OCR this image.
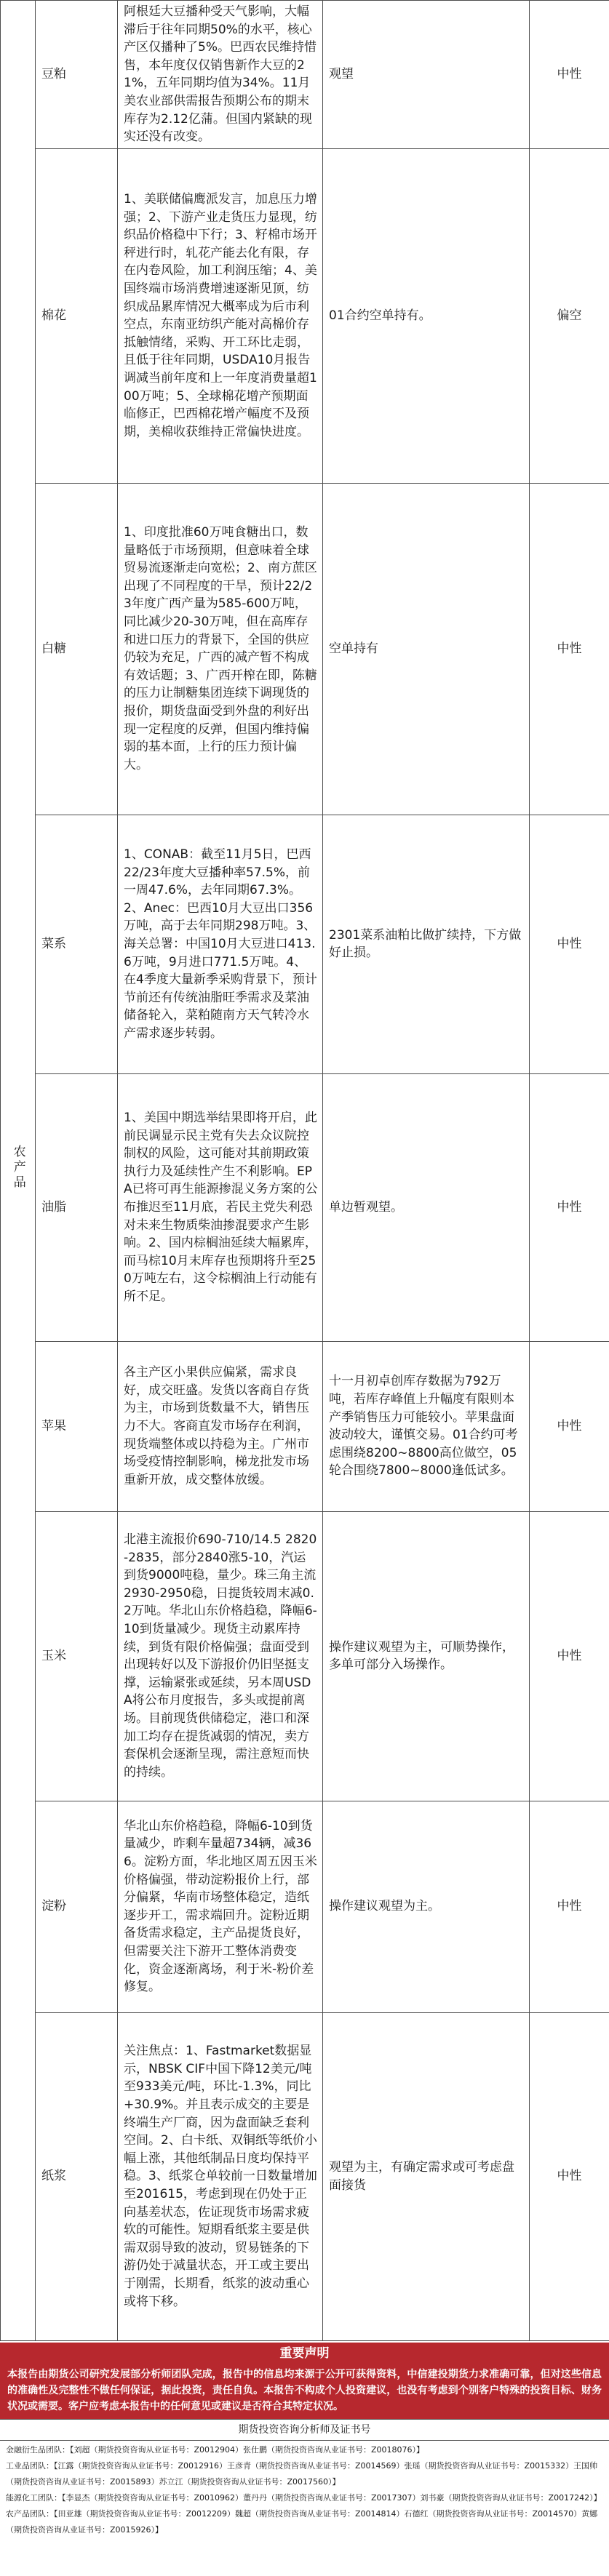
农产品	豆粕	阿根廷大豆播种受天气影响，大幅滞后于往年同期50%的水平，核心产区仅播种了5%。巴西农民维持惜售，本年度仅仅销售新作大豆的21%，五年同期均值为34%。11月美农业部供需报告预期公布的期末库存为2.12亿蒲。但国内紧缺的现实还没有改变。	观望	中性
	棉花	1、美联储偏鹰派发言，加息压力增强；2、下游产业走货压力显现，纺织品价格稳中下行；3、籽棉市场开秤进行时，轧花产能去化有限，存在内卷风险，加工利润压缩；4、美国终端市场消费增速逐渐见顶，纺织成品累库情况大概率成为后市利空点，东南亚纺织产能对高棉价存抵触情绪，采购、开工环比走弱，且低于往年同期，USDA10月报告调减当前年度和上一年度消费量超100万吨；5、全球棉花增产预期面临修正，巴西棉花增产幅度不及预期，美棉收获维持正常偏快进度。	01合约空单持有。	偏空
	白糖	1、印度批准60万吨食糖出口，数量略低于市场预期，但意味着全球贸易流逐渐走向宽松；2、南方蔗区出现了不同程度的干旱，预计22/23年度广西产量为585-600万吨，同比减少20-30万吨，但在高库存和进口压力的背景下，全国的供应仍较为充足，广西的减产暂不构成有效话题；3、广西开榨在即，陈糖的压力让制糖集团连续下调现货的报价，期货盘面受到外盘的利好出现一定程度的反弹，但国内维持偏弱的基本面，上行的压力预计偏大。	空单持有	中性
	菜系	1、CONAB：截至11月5日，巴西22/23年度大豆播种率57.5%，前一周47.6%，去年同期67.3%。2、Anec：巴西10月大豆出口356万吨，高于去年同期298万吨。3、海关总署：中国10月大豆进口413.6万吨，9月进口771.5万吨。4、在4季度大量新季采购背景下，预计节前还有传统油脂旺季需求及菜油储备轮入，菜粕随南方天气转冷水产需求逐步转弱。	2301菜系油粕比做扩续持，下方做好止损。	中性
	油脂	1、美国中期选举结果即将开启，此前民调显示民主党有失去众议院控制权的风险，这可能对其前期政策执行力及延续性产生不利影响。EPA已将可再生能源掺混义务方案的公布推迟至11月底，若民主党失利恐对未来生物质柴油掺混要求产生影响。2、国内棕榈油延续大幅累库，而马棕10月末库存也预期将升至250万吨左右，这令棕榈油上行动能有所不足。	单边暂观望。	中性
	苹果	各主产区小果供应偏紧，需求良好，成交旺盛。发货以客商自存货为主，市场到货数量不大，销售压力不大。客商直发市场存在利润，现货端整体或以持稳为主。广州市场受疫情控制影响，梯龙批发市场重新开放，成交整体放缓。	十一月初卓创库存数据为792万吨，若库存峰值上升幅度有限则本产季销售压力可能较小。苹果盘面波动较大，谨慎交易。01合约可考虑围绕8200~8800高位做空，05轮合围绕7800~8000逢低试多。	中性
	玉米	北港主流报价690-710/14.5 2820-2835，部分2840涨5-10，汽运到货9000吨稳，量少。珠三角主流2930-2950稳，日提货较周末减0.2万吨。华北山东价格趋稳，降幅6-10到货量减少。现货主动累库持续，到货有限价格偏强；盘面受到出现转好以及下游报价仍旧坚挺支撑，运输紧张或延续，另本周USDA将公布月度报告，多头或提前离场。目前现货供储稳定，港口和深加工均存在提货减弱的情况，卖方套保机会逐渐呈现，需注意短而快的持续。	操作建议观望为主，可顺势操作，多单可部分入场操作。	中性
	淀粉	华北山东价格趋稳，降幅6-10到货量减少，昨剩车量超734辆，减366。淀粉方面，华北地区周五因玉米价格偏强，带动淀粉报价上行，部分偏紧，华南市场整体稳定，造纸逐步开工，需求端回升。淀粉近期备货需求稳定，主产品提货良好，但需要关注下游开工整体消费变化，资金逐渐离场，利于米-粉价差修复。	操作建议观望为主。	中性
	纸浆	关注焦点：1、Fastmarket数据显示，NBSK CIF中国下降12美元/吨至933美元/吨，环比-1.3%，同比+30.9%。并且表示成交的主要是终端生产厂商，因为盘面缺乏套利空间。2、白卡纸、双铜纸等纸价小幅上涨，其他纸制品日度均保持平稳。3、纸浆仓单较前一日数量增加至201615，考虑到现在仍处于正向基差状态，佐证现货市场需求疲软的可能性。短期看纸浆主要是供需双弱导致的波动，贸易链条的下游仍处于减量状态，开工或主要出于刚需，长期看，纸浆的波动重心或将下移。	观望为主，有确定需求或可考虑盘面接货	中性
重要声明
本报告由期货公司研究发展部分析师团队完成，报告中的信息均来源于公开可获得资料，中信建投期货力求准确可靠，但对这些信息的准确性及完整性不做任何保证，据此投资，责任自负。本报告不构成个人投资建议，也没有考虑到个别客户特殊的投资目标、财务状况或需要。客户应考虑本报告中的任何意见或建议是否符合其特定状况。
期货投资咨询分析师及证书号
金融衍生品团队：【刘超（期货投资咨询从业证书号：Z0012904）张仕鹏（期货投资咨询从业证书号：Z0018076）】
工业品团队：【江露（期货投资咨询从业证书号：Z0012916）王彦青（期货投资咨询从业证书号：Z0014569）张瑶（期货投资咨询从业证书号：Z0015332）王国帅（期货投资咨询从业证书号：Z0015893）苏立江（期货投资咨询从业证书号：Z0017560）】
能源化工团队：【李显杰（期货投资咨询从业证书号：Z0010962）董丹丹（期货投资咨询从业证书号：Z0017307）刘书豪（期货投资咨询从业证书号：Z0017242）】
农产品团队：【田亚雄（期货投资咨询从业证书号：Z0012209）魏超（期货投资咨询从业证书号：Z0014814）石德红（期货投资咨询从业证书号：Z0014570）黄娜（期货投资咨询从业证书号：Z0015926）】
